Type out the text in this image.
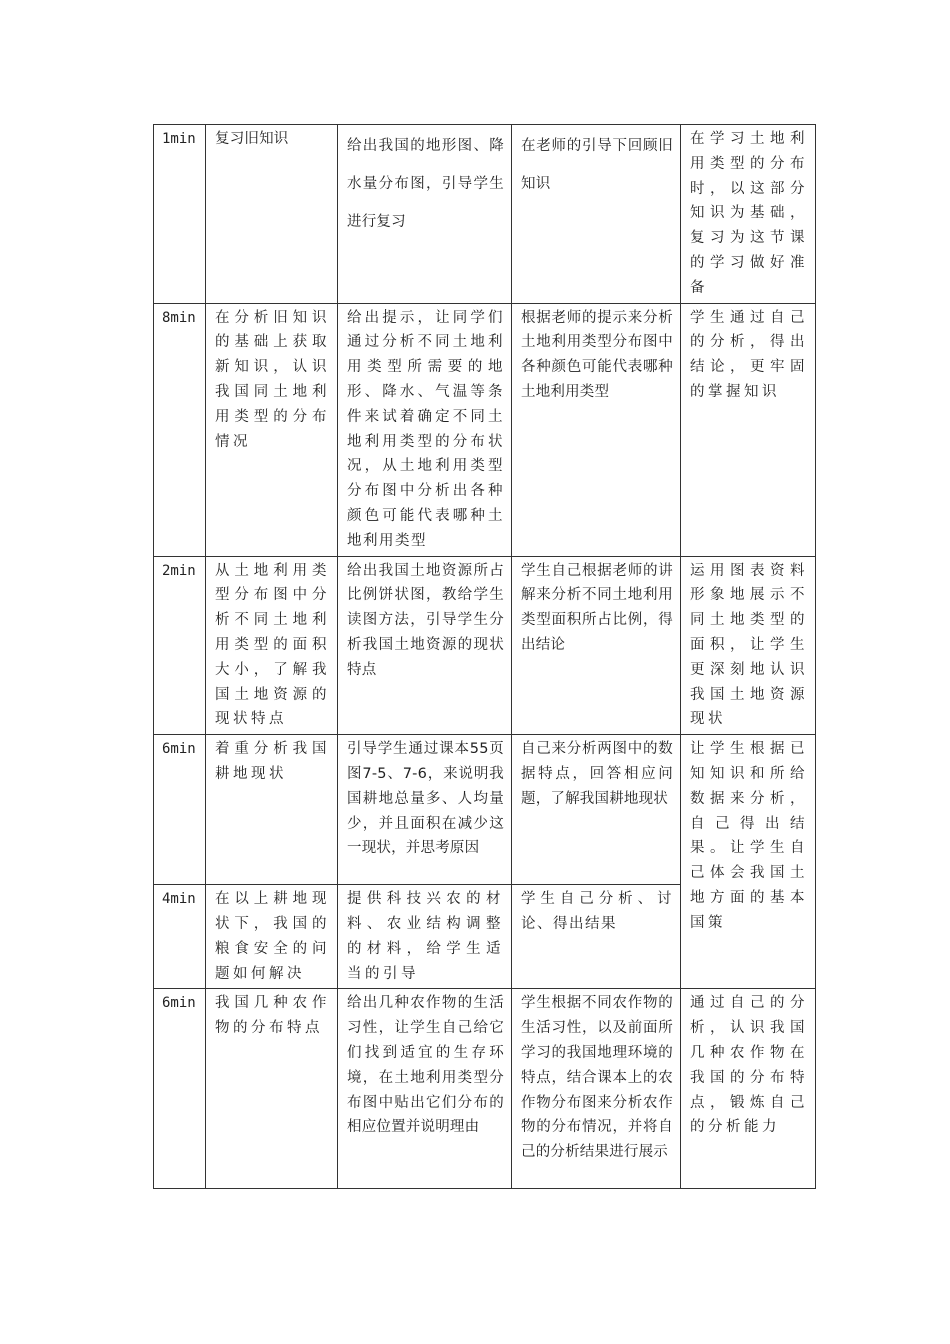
1min	复习旧知识	给出我国的地形图、降水量分布图，引导学生进行复习	在老师的引导下回顾旧知识	在学习土地利用类型的分布时，以这部分知识为基础，复习为这节课的学习做好准备
8min	在分析旧知识的基础上获取新知识，认识我国同土地利用类型的分布情况	给出提示，让同学们通过分析不同土地利用类型所需要的地形、降水、气温等条件来试着确定不同土地利用类型的分布状况，从土地利用类型分布图中分析出各种颜色可能代表哪种土地利用类型	根据老师的提示来分析土地利用类型分布图中各种颜色可能代表哪种土地利用类型	学生通过自己的分析，得出结论，更牢固的掌握知识
2min	从土地利用类型分布图中分析不同土地利用类型的面积大小，了解我国土地资源的现状特点	给出我国土地资源所占比例饼状图，教给学生读图方法，引导学生分析我国土地资源的现状特点	学生自己根据老师的讲解来分析不同土地利用类型面积所占比例，得出结论	运用图表资料形象地展示不同土地类型的面积，让学生更深刻地认识我国土地资源现状
6min	着重分析我国耕地现状	引导学生通过课本55页图7-5、7-6，来说明我国耕地总量多、人均量少，并且面积在减少这一现状，并思考原因	自己来分析两图中的数据特点，回答相应问题，了解我国耕地现状	让学生根据已知知识和所给数据来分析，自己得出结果。让学生自己体会我国土地方面的基本国策
4min	在以上耕地现状下，我国的粮食安全的问题如何解决	提供科技兴农的材料、农业结构调整的材料，给学生适当的引导	学生自己分析、讨论、得出结果	
6min	我国几种农作物的分布特点	给出几种农作物的生活习性，让学生自己给它们找到适宜的生存环境，在土地利用类型分布图中贴出它们分布的相应位置并说明理由	学生根据不同农作物的生活习性，以及前面所学习的我国地理环境的特点，结合课本上的农作物分布图来分析农作物的分布情况，并将自己的分析结果进行展示	通过自己的分析，认识我国几种农作物在我国的分布特点，锻炼自己的分析能力
